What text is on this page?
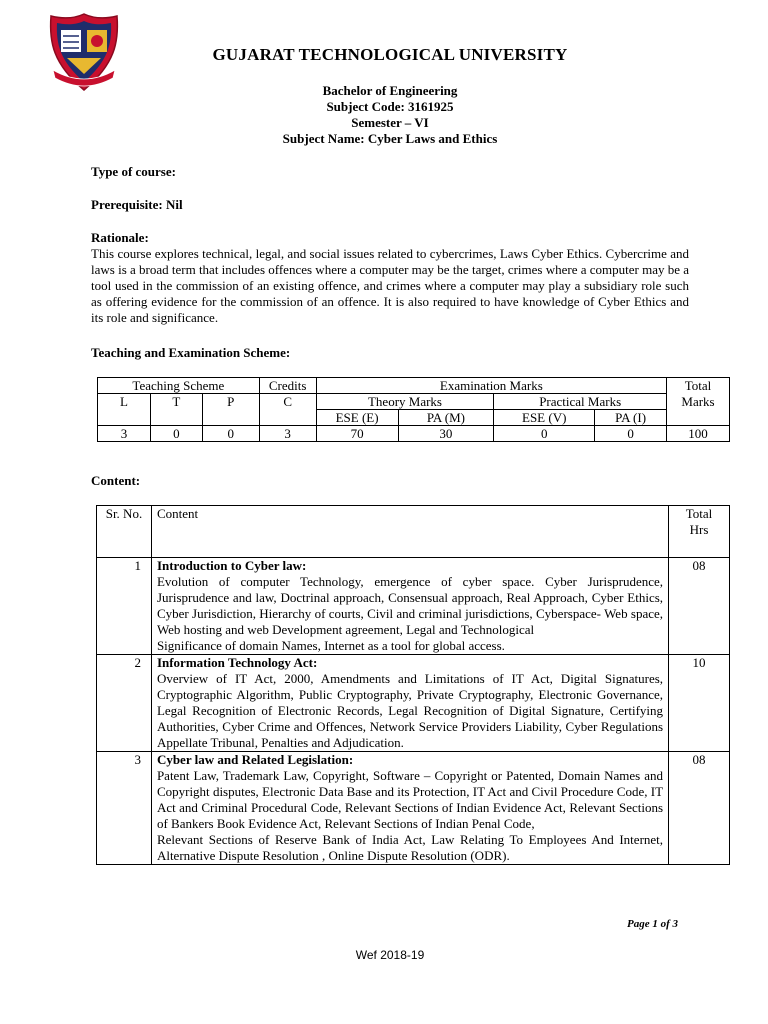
GUJARAT TECHNOLOGICAL UNIVERSITY
Bachelor of Engineering
Subject Code: 3161925
Semester – VI
Subject Name: Cyber Laws and Ethics
Type of course:
Prerequisite: Nil
Rationale:

This course explores technical, legal, and social issues related to cybercrimes, Laws Cyber Ethics. Cybercrime and laws is a broad term that includes offences where a computer may be the target, crimes where a computer may be a tool used in the commission of an existing offence, and crimes where a computer may play a subsidiary role such as offering evidence for the commission of an offence. It is also required to have knowledge of Cyber Ethics and its role and significance.

Teaching and Examination Scheme:
Teaching Scheme			Credits	Examination Marks				Total Marks
L	T	P	C	Theory Marks		Practical Marks		
				ESE (E)	PA (M)	ESE (V)	PA (I)	
3	0	0	3	70	30	0	0	100
Content:
Sr. No.	Content	Total
Hrs

1	Introduction to Cyber law:
Evolution of computer Technology, emergence of cyber space. Cyber Jurisprudence, Jurisprudence and law, Doctrinal approach, Consensual approach, Real Approach, Cyber Ethics, Cyber Jurisdiction, Hierarchy of courts, Civil and criminal jurisdictions, Cyberspace- Web space, Web hosting and web Development agreement, Legal and Technological
Significance of domain Names, Internet as a tool for global access.	08
2	Information Technology Act:
Overview of IT Act, 2000, Amendments and Limitations of IT Act, Digital Signatures, Cryptographic Algorithm, Public Cryptography, Private Cryptography, Electronic Governance, Legal Recognition of Electronic Records, Legal Recognition of Digital Signature, Certifying Authorities, Cyber Crime and Offences, Network Service Providers Liability, Cyber Regulations Appellate Tribunal, Penalties and Adjudication.	10
3	Cyber law and Related Legislation:
Patent Law, Trademark Law, Copyright, Software – Copyright or Patented, Domain Names and Copyright disputes, Electronic Data Base and its Protection, IT Act and Civil Procedure Code, IT Act and Criminal Procedural Code, Relevant Sections of Indian Evidence Act, Relevant Sections of Bankers Book Evidence Act, Relevant Sections of Indian Penal Code,
Relevant Sections of Reserve Bank of India Act, Law Relating To Employees And Internet, Alternative Dispute Resolution , Online Dispute Resolution (ODR).	08
Page 1 of 3
Wef 2018-19
